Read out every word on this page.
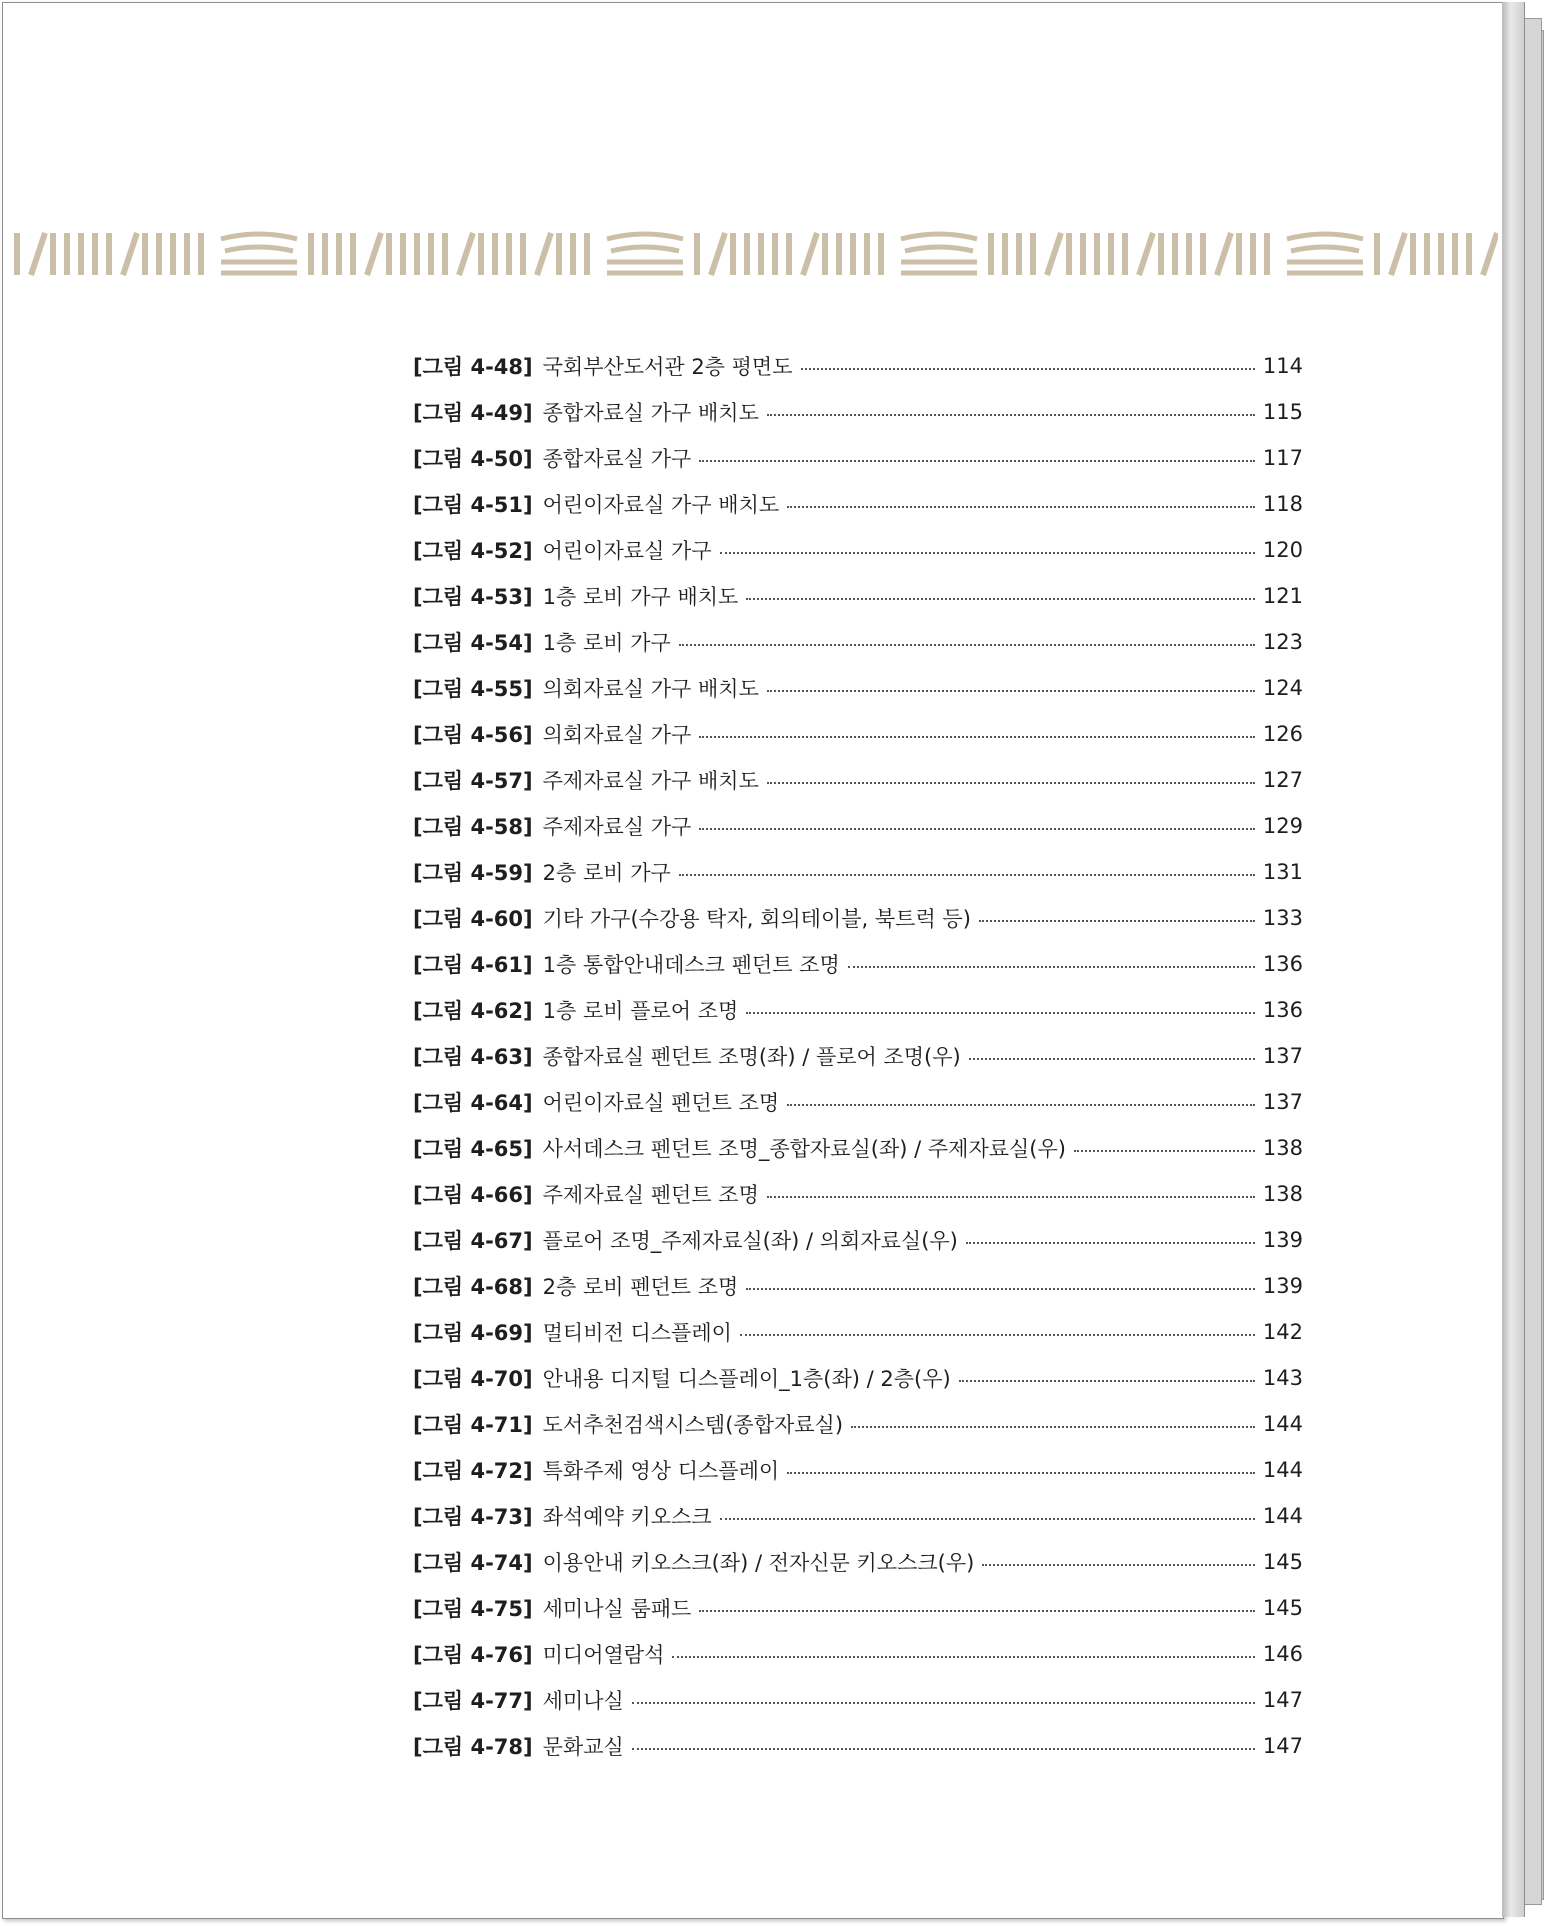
[그림 4-48] 국회부산도서관 2층 평면도	114
[그림 4-49] 종합자료실 가구 배치도	115
[그림 4-50] 종합자료실 가구	117
[그림 4-51] 어린이자료실 가구 배치도	118
[그림 4-52] 어린이자료실 가구	120
[그림 4-53] 1층 로비 가구 배치도	121
[그림 4-54] 1층 로비 가구	123
[그림 4-55] 의회자료실 가구 배치도	124
[그림 4-56] 의회자료실 가구	126
[그림 4-57] 주제자료실 가구 배치도	127
[그림 4-58] 주제자료실 가구	129
[그림 4-59] 2층 로비 가구	131
[그림 4-60] 기타 가구(수강용 탁자, 회의테이블, 북트럭 등)	133
[그림 4-61] 1층 통합안내데스크 펜던트 조명	136
[그림 4-62] 1층 로비 플로어 조명	136
[그림 4-63] 종합자료실 펜던트 조명(좌) / 플로어 조명(우)	137
[그림 4-64] 어린이자료실 펜던트 조명	137
[그림 4-65] 사서데스크 펜던트 조명_종합자료실(좌) / 주제자료실(우)	138
[그림 4-66] 주제자료실 펜던트 조명	138
[그림 4-67] 플로어 조명_주제자료실(좌) / 의회자료실(우)	139
[그림 4-68] 2층 로비 펜던트 조명	139
[그림 4-69] 멀티비전 디스플레이	142
[그림 4-70] 안내용 디지털 디스플레이_1층(좌) / 2층(우)	143
[그림 4-71] 도서추천검색시스템(종합자료실)	144
[그림 4-72] 특화주제 영상 디스플레이	144
[그림 4-73] 좌석예약 키오스크	144
[그림 4-74] 이용안내 키오스크(좌) / 전자신문 키오스크(우)	145
[그림 4-75] 세미나실 룸패드	145
[그림 4-76] 미디어열람석	146
[그림 4-77] 세미나실	147
[그림 4-78] 문화교실	147
